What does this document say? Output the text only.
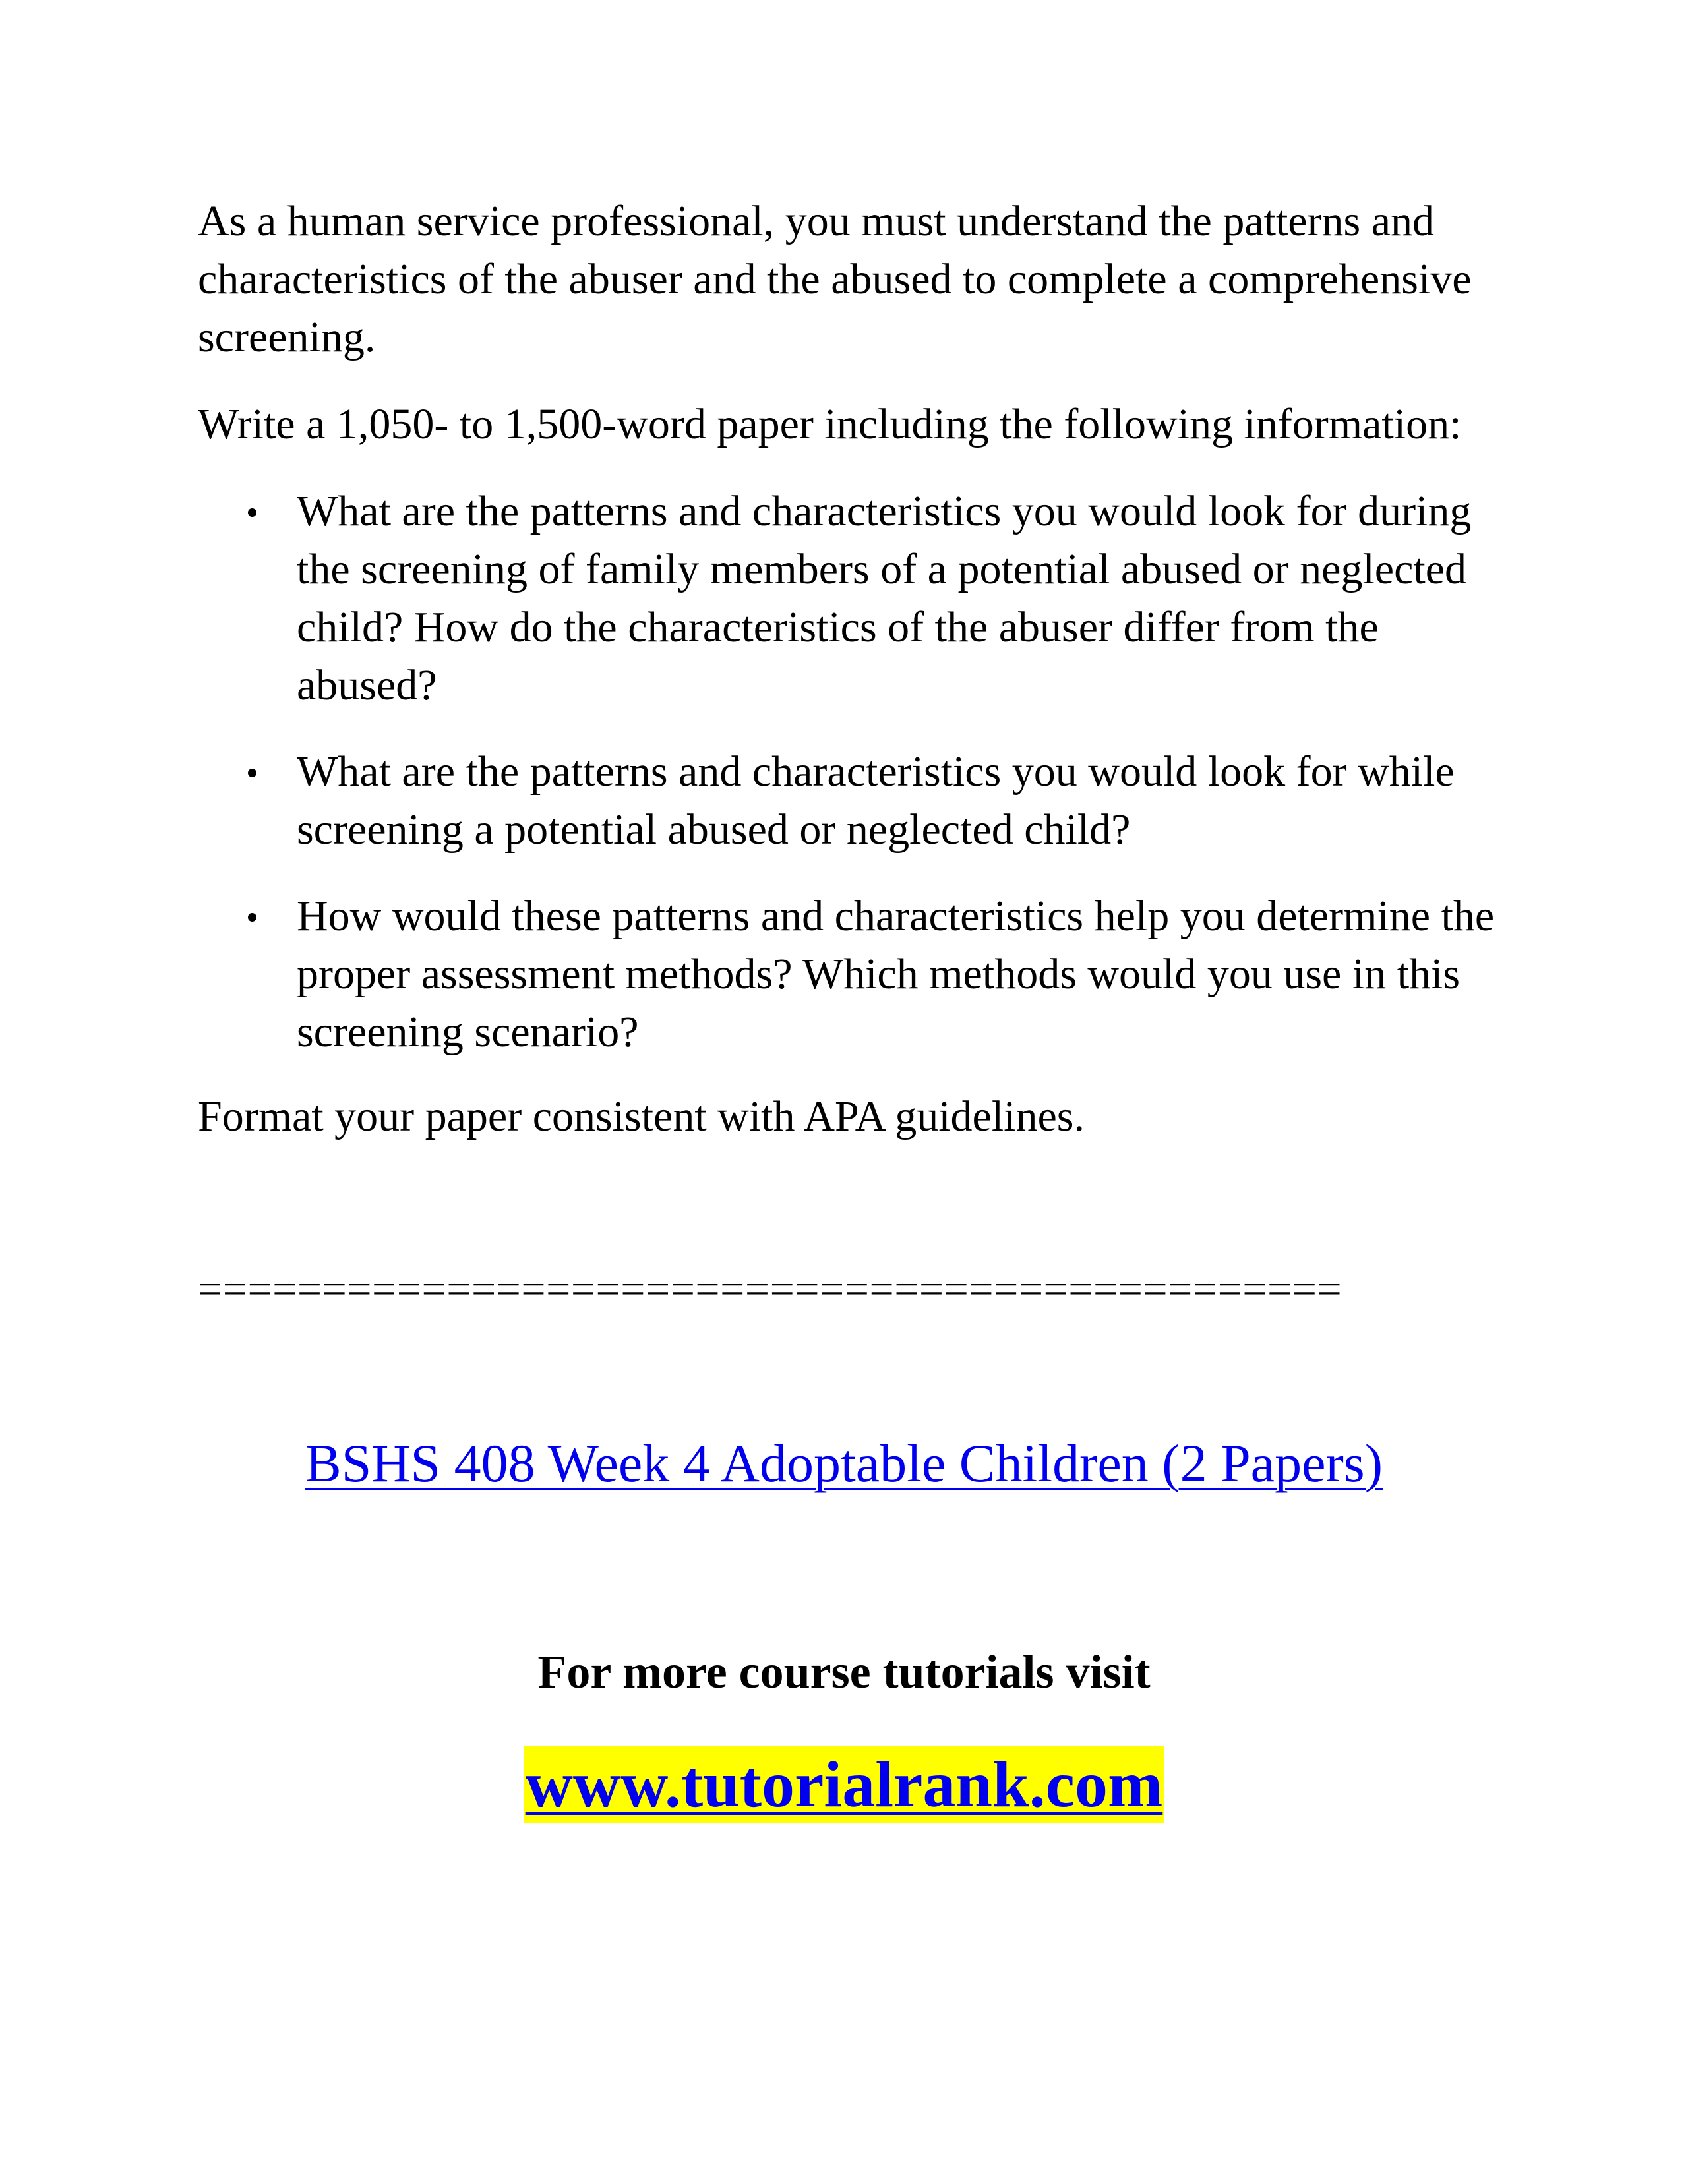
As a human service professional, you must understand the patterns and characteristics of the abuser and the abused to complete a comprehensive screening.

Write a 1,050- to 1,500-word paper including the following information:

What are the patterns and characteristics you would look for during the screening of family members of a potential abused or neglected child? How do the characteristics of the abuser differ from the abused?
What are the patterns and characteristics you would look for while screening a potential abused or neglected child?
How would these patterns and characteristics help you determine the proper assessment methods? Which methods would you use in this screening scenario?

Format your paper consistent with APA guidelines.

==============================================

BSHS 408 Week 4 Adoptable Children (2 Papers)

For more course tutorials visit

www.tutorialrank.com
